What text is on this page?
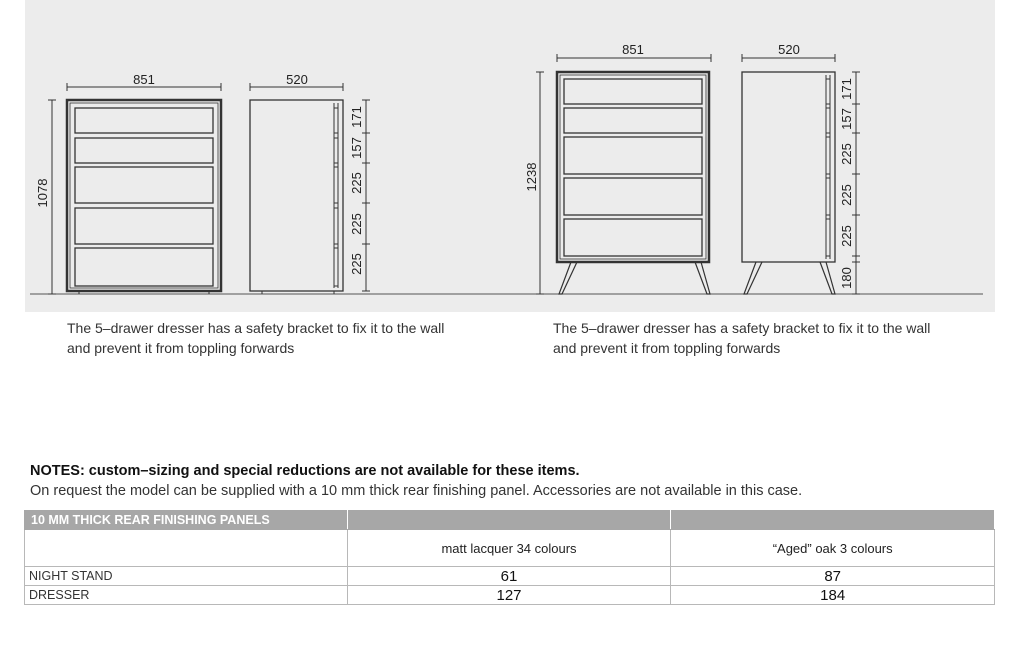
851
1078
520
171
157
225
225
225
851
1238
520
171
157
225
225
225
180
The 5–drawer dresser has a safety bracket to fix it to the wall
and prevent it from toppling forwards
The 5–drawer dresser has a safety bracket to fix it to the wall
and prevent it from toppling forwards
NOTES: custom–sizing and special reductions are not available for these items.
On request the model can be supplied with a 10 mm thick rear finishing panel. Accessories are not available in this case.
10 MM THICK REAR FINISHING PANELS		
	matt lacquer 34 colours	“Aged” oak 3 colours
NIGHT STAND	61	87
DRESSER	127	184
